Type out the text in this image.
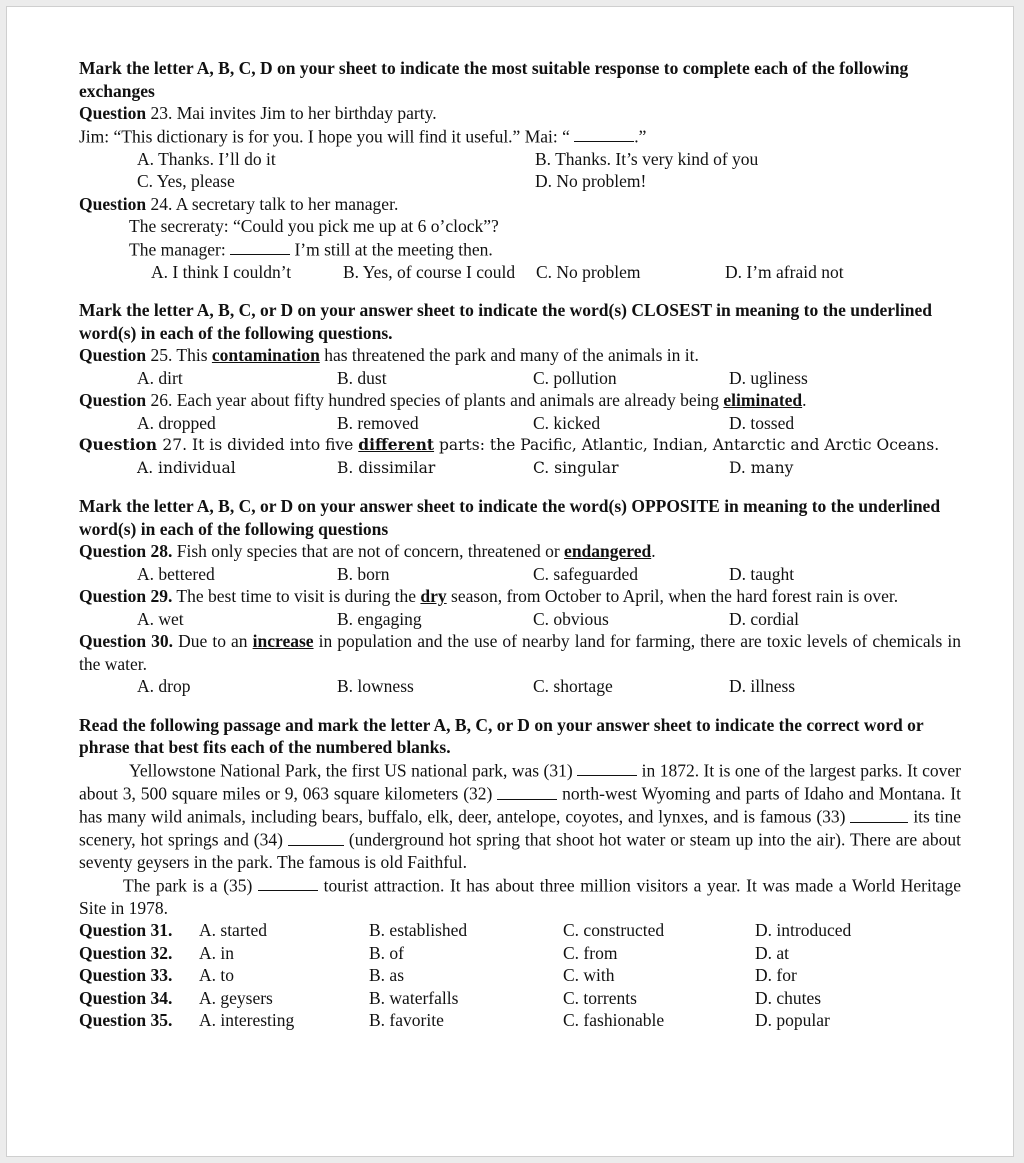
Mark the letter A, B, C, D on your sheet to indicate the most suitable response to complete each of the following exchanges
Question 23. Mai invites Jim to her birthday party.
Jim: “This dictionary is for you. I hope you will find it useful.” Mai: “	.”
A. Thanks. I’ll do it	B. Thanks. It’s very kind of you
C. Yes, please	D. No problem!
Question 24. A secretary talk to her manager.
The secreraty: “Could you pick me up at 6 o’clock”?
The manager:	I’m still at the meeting then.
A. I think I couldn’t	B. Yes, of course I could	C. No problem	D. I’m afraid not
Mark the letter A, B, C, or D on your answer sheet to indicate the word(s) CLOSEST in meaning to the underlined word(s) in each of the following questions.
Question 25. This contamination has threatened the park and many of the animals in it.
A. dirt	B. dust	C. pollution	D. ugliness
Question 26. Each year about fifty hundred species of plants and animals are already being eliminated.
A. dropped	B. removed	C. kicked	D. tossed
Question 27. It is divided into five different parts: the Pacific, Atlantic, Indian, Antarctic and Arctic Oceans.
A. individual	B. dissimilar	C. singular	D. many
Mark the letter A, B, C, or D on your answer sheet to indicate the word(s) OPPOSITE in meaning to the underlined word(s) in each of the following questions
Question 28. Fish only species that are not of concern, threatened or endangered.
A. bettered	B. born	C. safeguarded	D. taught
Question 29. The best time to visit is during the dry season, from October to April, when the hard forest rain is over.
A. wet	B. engaging	C. obvious	D. cordial
Question 30. Due to an increase in population and the use of nearby land for farming, there are toxic levels of chemicals in the water.
A. drop	B. lowness	C. shortage	D. illness
Read the following passage and mark the letter A, B, C, or D on your answer sheet to indicate the correct word or phrase that best fits each of the numbered blanks.
Yellowstone National Park, the first US national park, was (31)	in 1872. It is one of the largest parks. It cover about 3, 500 square miles or 9, 063 square kilometers (32)	north-west Wyoming and parts of Idaho and Montana. It has many wild animals, including bears, buffalo, elk, deer, antelope, coyotes, and lynxes, and is famous (33)	its tine scenery, hot springs and (34)	(underground hot spring that shoot hot water or steam up into the air). There are about seventy geysers in the park. The famous is old Faithful.
The park is a (35)	tourist attraction. It has about three million visitors a year. It was made a World Heritage Site in 1978.
Question 31.	A. started	B. established	C. constructed	D. introduced
Question 32.	A. in	B. of	C. from	D. at
Question 33.	A. to	B. as	C. with	D. for
Question 34.	A. geysers	B. waterfalls	C. torrents	D. chutes
Question 35.	A. interesting	B. favorite	C. fashionable	D. popular
